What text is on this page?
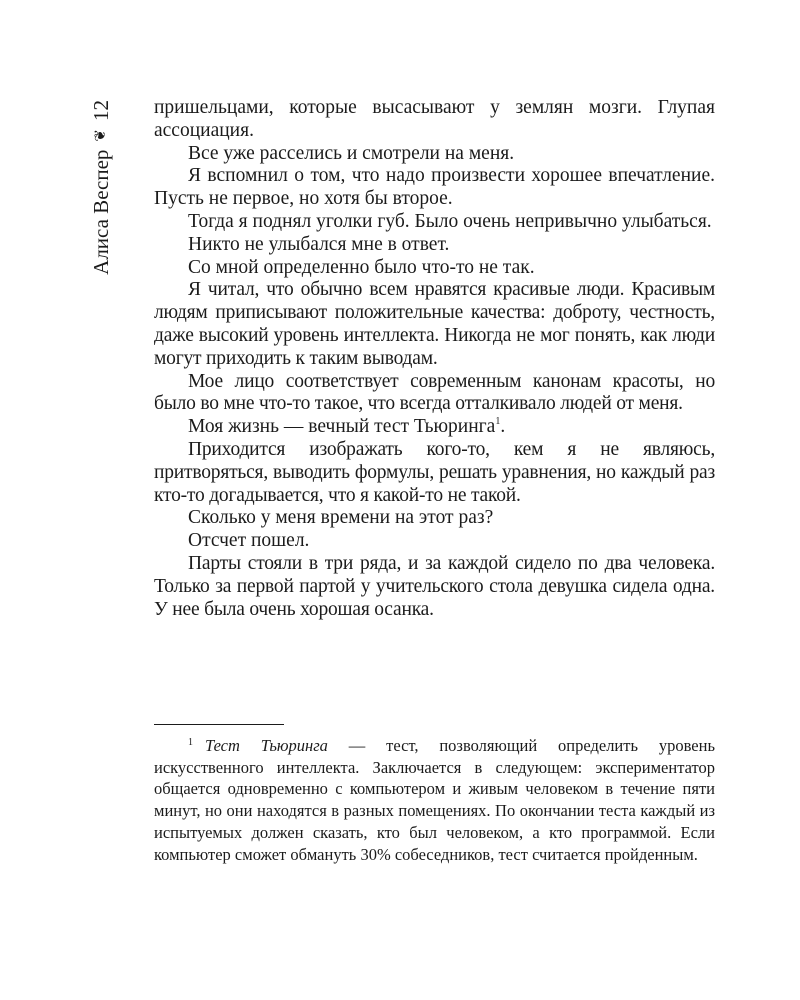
Алиса Веспер
❦
12 пришельцами, которые высасывают у землян мозги. Глупая ассоциация.

Все уже расселись и смотрели на меня.

Я вспомнил о том, что надо произвести хорошее впечатление. Пусть не первое, но хотя бы второе.

Тогда я поднял уголки губ. Было очень непривычно улыбаться.

Никто не улыбался мне в ответ.

Со мной определенно было что-то не так.

Я читал, что обычно всем нравятся красивые люди. Красивым людям приписывают положительные качества: доброту, честность, даже высокий уровень интеллекта. Никогда не мог понять, как люди могут приходить к таким выводам.

Мое лицо соответствует современным канонам красоты, но было во мне что-то такое, что всегда отталкивало людей от меня.

Моя жизнь — вечный тест Тьюринга$^1$.

Приходится изображать кого-то, кем я не являюсь, притворяться, выводить формулы, решать уравнения, но каждый раз кто-то догадывается, что я какой-то не такой.

Сколько у меня времени на этот раз?

Отсчет пошел.

Парты стояли в три ряда, и за каждой сидело по два человека. Только за первой партой у учительского стола девушка сидела одна. У нее была очень хорошая осанка.

1 Тест Тьюринга — тест, позволяющий определить уровень искусственного интеллекта. Заключается в следующем: экспериментатор общается одновременно с компьютером и живым человеком в течение пяти минут, но они находятся в разных помещениях. По окончании теста каждый из испытуемых должен сказать, кто был человеком, а кто программой. Если компьютер сможет обмануть 30% собеседников, тест считается пройденным.
